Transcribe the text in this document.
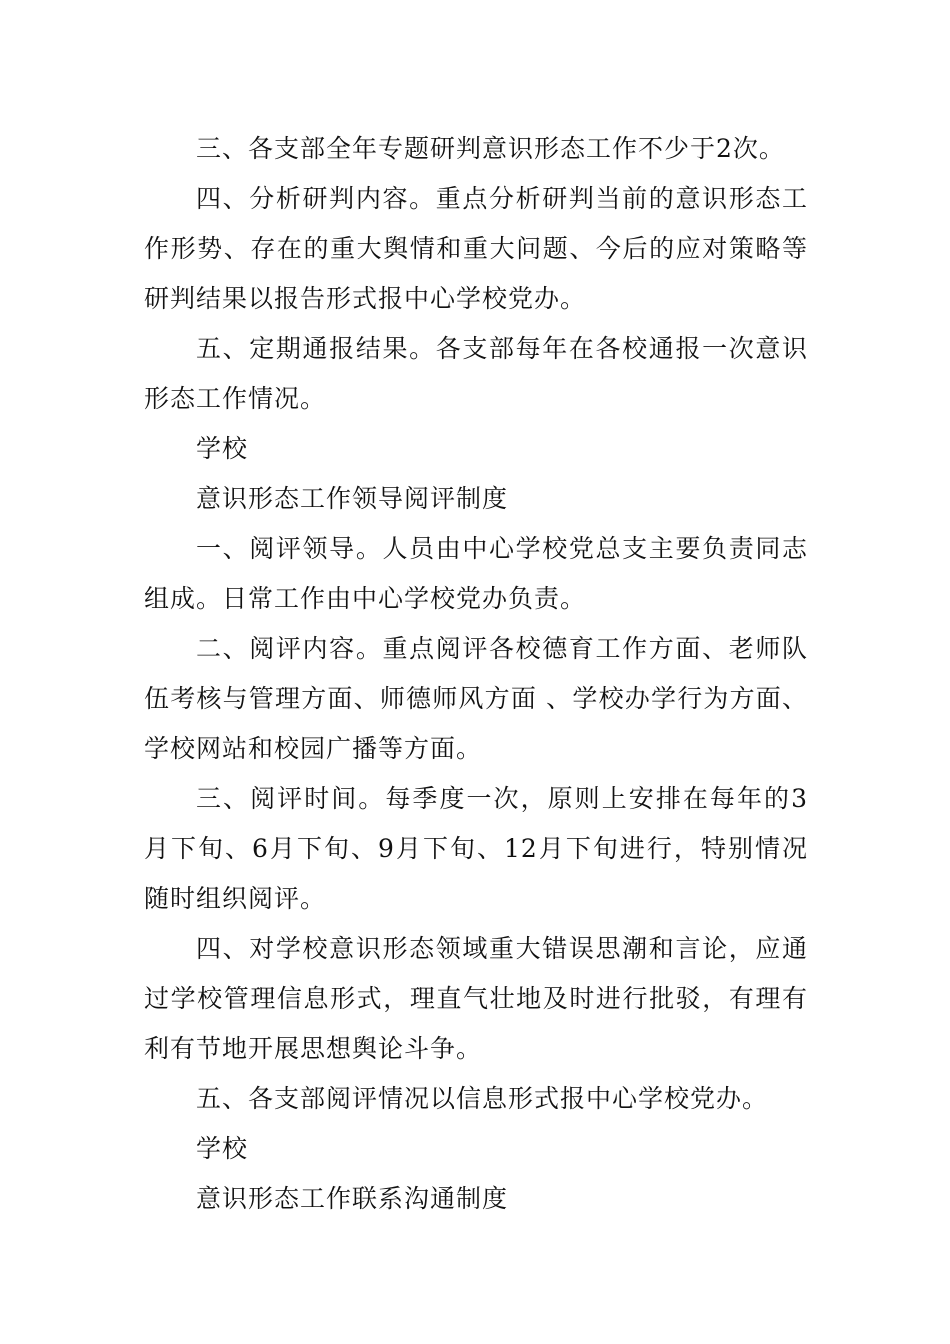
三、各支部全年专题研判意识形态工作不少于2次。

四、分析研判内容。重点分析研判当前的意识形态工作形势、存在的重大舆情和重大问题、今后的应对策略等研判结果以报告形式报中心学校党办。

五、定期通报结果。各支部每年在各校通报一次意识形态工作情况。

学校

意识形态工作领导阅评制度

一、阅评领导。人员由中心学校党总支主要负责同志组成。日常工作由中心学校党办负责。

二、阅评内容。重点阅评各校德育工作方面、老师队伍考核与管理方面、师德师风方面 、学校办学行为方面、学校网站和校园广播等方面。

三、阅评时间。每季度一次，原则上安排在每年的3月下旬、6月下旬、9月下旬、12月下旬进行，特别情况随时组织阅评。

四、对学校意识形态领域重大错误思潮和言论，应通过学校管理信息形式，理直气壮地及时进行批驳，有理有利有节地开展思想舆论斗争。

五、各支部阅评情况以信息形式报中心学校党办。

学校

意识形态工作联系沟通制度
